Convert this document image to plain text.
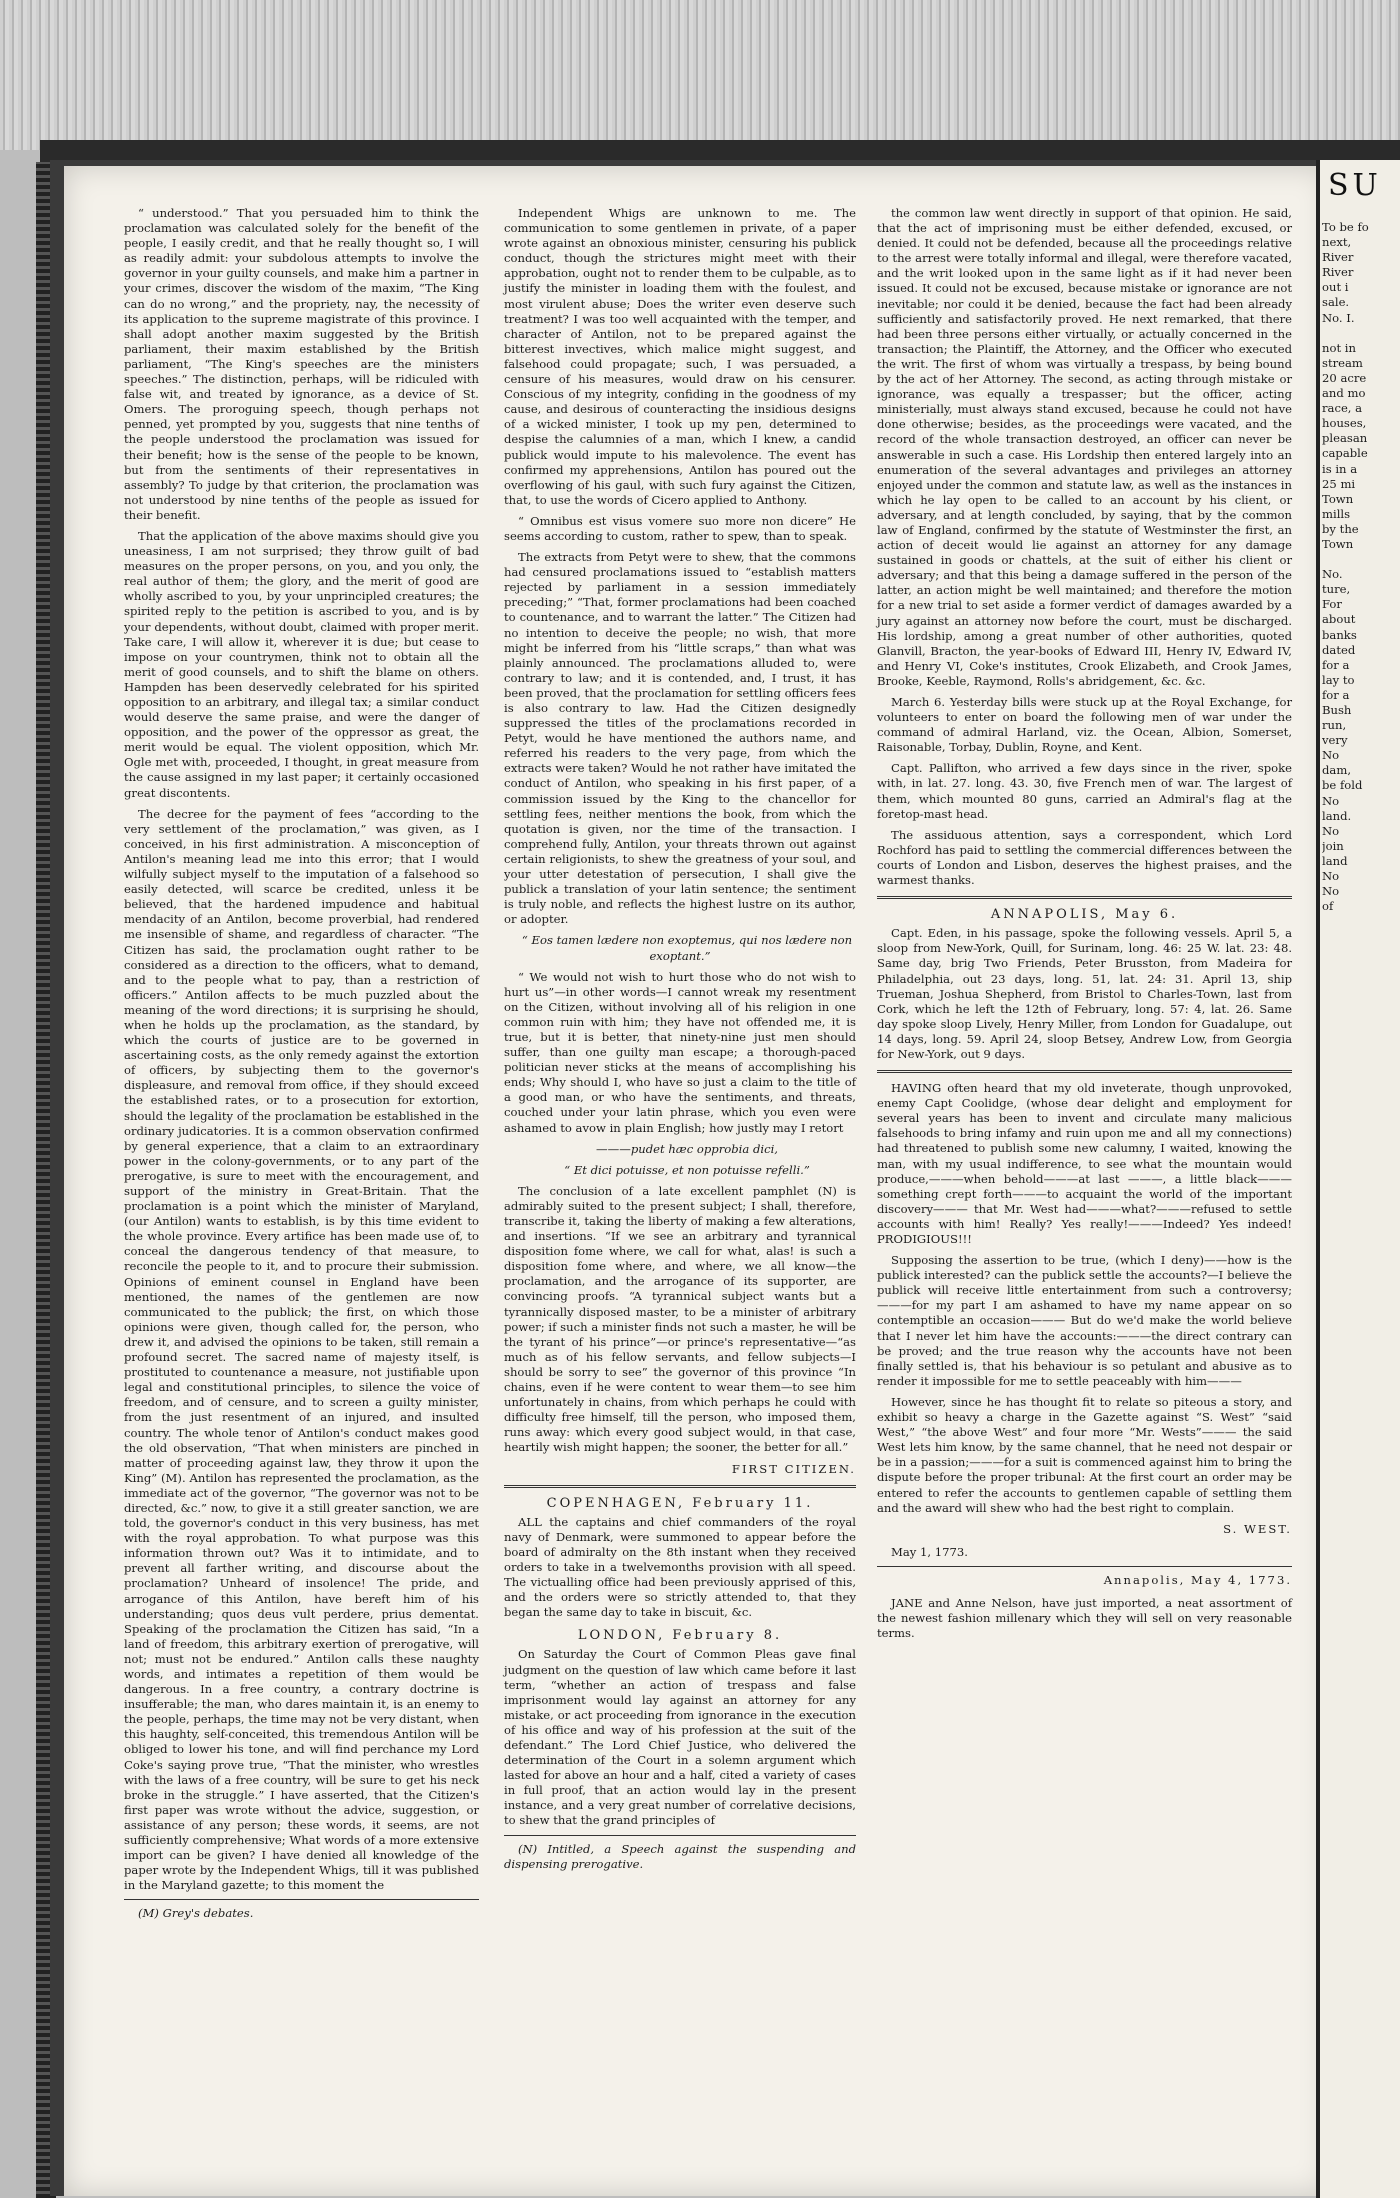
“ understood.” That you persuaded him to think the proclamation was calculated solely for the benefit of the people, I easily credit, and that he really thought so, I will as readily admit: your subdolous attempts to involve the governor in your guilty counsels, and make him a partner in your crimes, discover the wisdom of the maxim, “The King can do no wrong,” and the propriety, nay, the necessity of its application to the supreme magistrate of this province. I shall adopt another maxim suggested by the British parliament, their maxim established by the British parliament, “The King's speeches are the ministers speeches.” The distinction, perhaps, will be ridiculed with false wit, and treated by ignorance, as a device of St. Omers. The proroguing speech, though perhaps not penned, yet prompted by you, suggests that nine tenths of the people understood the proclamation was issued for their benefit; how is the sense of the people to be known, but from the sentiments of their representatives in assembly? To judge by that criterion, the proclamation was not understood by nine tenths of the people as issued for their benefit.

That the application of the above maxims should give you uneasiness, I am not surprised; they throw guilt of bad measures on the proper persons, on you, and you only, the real author of them; the glory, and the merit of good are wholly ascribed to you, by your unprincipled creatures; the spirited reply to the petition is ascribed to you, and is by your dependents, without doubt, claimed with proper merit. Take care, I will allow it, wherever it is due; but cease to impose on your countrymen, think not to obtain all the merit of good counsels, and to shift the blame on others. Hampden has been deservedly celebrated for his spirited opposition to an arbitrary, and illegal tax; a similar conduct would deserve the same praise, and were the danger of opposition, and the power of the oppressor as great, the merit would be equal. The violent opposition, which Mr. Ogle met with, proceeded, I thought, in great measure from the cause assigned in my last paper; it certainly occasioned great discontents.

The decree for the payment of fees “according to the very settlement of the proclamation,” was given, as I conceived, in his first administration. A misconception of Antilon's meaning lead me into this error; that I would wilfully subject myself to the imputation of a falsehood so easily detected, will scarce be credited, unless it be believed, that the hardened impudence and habitual mendacity of an Antilon, become proverbial, had rendered me insensible of shame, and regardless of character. “The Citizen has said, the proclamation ought rather to be considered as a direction to the officers, what to demand, and to the people what to pay, than a restriction of officers.” Antilon affects to be much puzzled about the meaning of the word directions; it is surprising he should, when he holds up the proclamation, as the standard, by which the courts of justice are to be governed in ascertaining costs, as the only remedy against the extortion of officers, by subjecting them to the governor's displeasure, and removal from office, if they should exceed the established rates, or to a prosecution for extortion, should the legality of the proclamation be established in the ordinary judicatories. It is a common observation confirmed by general experience, that a claim to an extraordinary power in the colony-governments, or to any part of the prerogative, is sure to meet with the encouragement, and support of the ministry in Great-Britain. That the proclamation is a point which the minister of Maryland, (our Antilon) wants to establish, is by this time evident to the whole province. Every artifice has been made use of, to conceal the dangerous tendency of that measure, to reconcile the people to it, and to procure their submission. Opinions of eminent counsel in England have been mentioned, the names of the gentlemen are now communicated to the publick; the first, on which those opinions were given, though called for, the person, who drew it, and advised the opinions to be taken, still remain a profound secret. The sacred name of majesty itself, is prostituted to countenance a measure, not justifiable upon legal and constitutional principles, to silence the voice of freedom, and of censure, and to screen a guilty minister, from the just resentment of an injured, and insulted country. The whole tenor of Antilon's conduct makes good the old observation, “That when ministers are pinched in matter of proceeding against law, they throw it upon the King” (M). Antilon has represented the proclamation, as the immediate act of the governor, “The governor was not to be directed, &c.” now, to give it a still greater sanction, we are told, the governor's conduct in this very business, has met with the royal approbation. To what purpose was this information thrown out? Was it to intimidate, and to prevent all farther writing, and discourse about the proclamation? Unheard of insolence! The pride, and arrogance of this Antilon, have bereft him of his understanding; quos deus vult perdere, prius dementat. Speaking of the proclamation the Citizen has said, “In a land of freedom, this arbitrary exertion of prerogative, will not; must not be endured.” Antilon calls these naughty words, and intimates a repetition of them would be dangerous. In a free country, a contrary doctrine is insufferable; the man, who dares maintain it, is an enemy to the people, perhaps, the time may not be very distant, when this haughty, self-conceited, this tremendous Antilon will be obliged to lower his tone, and will find perchance my Lord Coke's saying prove true, “That the minister, who wrestles with the laws of a free country, will be sure to get his neck broke in the struggle.” I have asserted, that the Citizen's first paper was wrote without the advice, suggestion, or assistance of any person; these words, it seems, are not sufficiently comprehensive; What words of a more extensive import can be given? I have denied all knowledge of the paper wrote by the Independent Whigs, till it was published in the Maryland gazette; to this moment the

(M) Grey's debates.

Independent Whigs are unknown to me. The communication to some gentlemen in private, of a paper wrote against an obnoxious minister, censuring his publick conduct, though the strictures might meet with their approbation, ought not to render them to be culpable, as to justify the minister in loading them with the foulest, and most virulent abuse; Does the writer even deserve such treatment? I was too well acquainted with the temper, and character of Antilon, not to be prepared against the bitterest invectives, which malice might suggest, and falsehood could propagate; such, I was persuaded, a censure of his measures, would draw on his censurer. Conscious of my integrity, confiding in the goodness of my cause, and desirous of counteracting the insidious designs of a wicked minister, I took up my pen, determined to despise the calumnies of a man, which I knew, a candid publick would impute to his malevolence. The event has confirmed my apprehensions, Antilon has poured out the overflowing of his gaul, with such fury against the Citizen, that, to use the words of Cicero applied to Anthony.

“ Omnibus est visus vomere suo more non dicere” He seems according to custom, rather to spew, than to speak.

The extracts from Petyt were to shew, that the commons had censured proclamations issued to “establish matters rejected by parliament in a session immediately preceding;” “That, former proclamations had been coached to countenance, and to warrant the latter.” The Citizen had no intention to deceive the people; no wish, that more might be inferred from his “little scraps,” than what was plainly announced. The proclamations alluded to, were contrary to law; and it is contended, and, I trust, it has been proved, that the proclamation for settling officers fees is also contrary to law. Had the Citizen designedly suppressed the titles of the proclamations recorded in Petyt, would he have mentioned the authors name, and referred his readers to the very page, from which the extracts were taken? Would he not rather have imitated the conduct of Antilon, who speaking in his first paper, of a commission issued by the King to the chancellor for settling fees, neither mentions the book, from which the quotation is given, nor the time of the transaction. I comprehend fully, Antilon, your threats thrown out against certain religionists, to shew the greatness of your soul, and your utter detestation of persecution, I shall give the publick a translation of your latin sentence; the sentiment is truly noble, and reflects the highest lustre on its author, or adopter.

“ Eos tamen lædere non exoptemus, qui nos lædere non exoptant.”

“ We would not wish to hurt those who do not wish to hurt us”—in other words—I cannot wreak my resentment on the Citizen, without involving all of his religion in one common ruin with him; they have not offended me, it is true, but it is better, that ninety-nine just men should suffer, than one guilty man escape; a thorough-paced politician never sticks at the means of accomplishing his ends; Why should I, who have so just a claim to the title of a good man, or who have the sentiments, and threats, couched under your latin phrase, which you even were ashamed to avow in plain English; how justly may I retort

———pudet hæc opprobia dici,

“ Et dici potuisse, et non potuisse refelli.”

The conclusion of a late excellent pamphlet (N) is admirably suited to the present subject; I shall, therefore, transcribe it, taking the liberty of making a few alterations, and insertions. “If we see an arbitrary and tyrannical disposition fome where, we call for what, alas! is such a disposition fome where, and where, we all know—the proclamation, and the arrogance of its supporter, are convincing proofs. “A tyrannical subject wants but a tyrannically disposed master, to be a minister of arbitrary power; if such a minister finds not such a master, he will be the tyrant of his prince”—or prince's representative—“as much as of his fellow servants, and fellow subjects—I should be sorry to see” the governor of this province “In chains, even if he were content to wear them—to see him unfortunately in chains, from which perhaps he could with difficulty free himself, till the person, who imposed them, runs away: which every good subject would, in that case, heartily wish might happen; the sooner, the better for all.”

FIRST CITIZEN.
COPENHAGEN, February 11.

ALL the captains and chief commanders of the royal navy of Denmark, were summoned to appear before the board of admiralty on the 8th instant when they received orders to take in a twelvemonths provision with all speed. The victualling office had been previously apprised of this, and the orders were so strictly attended to, that they began the same day to take in biscuit, &c.

LONDON, February 8.

On Saturday the Court of Common Pleas gave final judgment on the question of law which came before it last term, “whether an action of trespass and false imprisonment would lay against an attorney for any mistake, or act proceeding from ignorance in the execution of his office and way of his profession at the suit of the defendant.” The Lord Chief Justice, who delivered the determination of the Court in a solemn argument which lasted for above an hour and a half, cited a variety of cases in full proof, that an action would lay in the present instance, and a very great number of correlative decisions, to shew that the grand principles of

(N) Intitled, a Speech against the suspending and dispensing prerogative.

the common law went directly in support of that opinion. He said, that the act of imprisoning must be either defended, excused, or denied. It could not be defended, because all the proceedings relative to the arrest were totally informal and illegal, were therefore vacated, and the writ looked upon in the same light as if it had never been issued. It could not be excused, because mistake or ignorance are not inevitable; nor could it be denied, because the fact had been already sufficiently and satisfactorily proved. He next remarked, that there had been three persons either virtually, or actually concerned in the transaction; the Plaintiff, the Attorney, and the Officer who executed the writ. The first of whom was virtually a trespass, by being bound by the act of her Attorney. The second, as acting through mistake or ignorance, was equally a trespasser; but the officer, acting ministerially, must always stand excused, because he could not have done otherwise; besides, as the proceedings were vacated, and the record of the whole transaction destroyed, an officer can never be answerable in such a case. His Lordship then entered largely into an enumeration of the several advantages and privileges an attorney enjoyed under the common and statute law, as well as the instances in which he lay open to be called to an account by his client, or adversary, and at length concluded, by saying, that by the common law of England, confirmed by the statute of Westminster the first, an action of deceit would lie against an attorney for any damage sustained in goods or chattels, at the suit of either his client or adversary; and that this being a damage suffered in the person of the latter, an action might be well maintained; and therefore the motion for a new trial to set aside a former verdict of damages awarded by a jury against an attorney now before the court, must be discharged. His lordship, among a great number of other authorities, quoted Glanvill, Bracton, the year-books of Edward III, Henry IV, Edward IV, and Henry VI, Coke's institutes, Crook Elizabeth, and Crook James, Brooke, Keeble, Raymond, Rolls's abridgement, &c. &c.

March 6. Yesterday bills were stuck up at the Royal Exchange, for volunteers to enter on board the following men of war under the command of admiral Harland, viz. the Ocean, Albion, Somerset, Raisonable, Torbay, Dublin, Royne, and Kent.

Capt. Pallifton, who arrived a few days since in the river, spoke with, in lat. 27. long. 43. 30, five French men of war. The largest of them, which mounted 80 guns, carried an Admiral's flag at the foretop-mast head.

The assiduous attention, says a correspondent, which Lord Rochford has paid to settling the commercial differences between the courts of London and Lisbon, deserves the highest praises, and the warmest thanks.

ANNAPOLIS, May 6.

Capt. Eden, in his passage, spoke the following vessels. April 5, a sloop from New-York, Quill, for Surinam, long. 46: 25 W. lat. 23: 48. Same day, brig Two Friends, Peter Brusston, from Madeira for Philadelphia, out 23 days, long. 51, lat. 24: 31. April 13, ship Trueman, Joshua Shepherd, from Bristol to Charles-Town, last from Cork, which he left the 12th of February, long. 57: 4, lat. 26. Same day spoke sloop Lively, Henry Miller, from London for Guadalupe, out 14 days, long. 59. April 24, sloop Betsey, Andrew Low, from Georgia for New-York, out 9 days.

HAVING often heard that my old inveterate, though unprovoked, enemy Capt Coolidge, (whose dear delight and employment for several years has been to invent and circulate many malicious falsehoods to bring infamy and ruin upon me and all my connections) had threatened to publish some new calumny, I waited, knowing the man, with my usual indifference, to see what the mountain would produce,———when behold———at last ———, a little black———something crept forth———to acquaint the world of the important discovery——— that Mr. West had———what?———refused to settle accounts with him! Really? Yes really!———Indeed? Yes indeed! PRODIGIOUS!!!

Supposing the assertion to be true, (which I deny)——how is the publick interested? can the publick settle the accounts?—I believe the publick will receive little entertainment from such a controversy;———for my part I am ashamed to have my name appear on so contemptible an occasion——— But do we'd make the world believe that I never let him have the accounts:———the direct contrary can be proved; and the true reason why the accounts have not been finally settled is, that his behaviour is so petulant and abusive as to render it impossible for me to settle peaceably with him———

However, since he has thought fit to relate so piteous a story, and exhibit so heavy a charge in the Gazette against “S. West” “said West,” “the above West” and four more “Mr. Wests”——— the said West lets him know, by the same channel, that he need not despair or be in a passion;———for a suit is commenced against him to bring the dispute before the proper tribunal: At the first court an order may be entered to refer the accounts to gentlemen capable of settling them and the award will shew who had the best right to complain.

S. WEST.

May 1, 1773.

Annapolis, May 4, 1773.

JANE and Anne Nelson, have just imported, a neat assortment of the newest fashion millenary which they will sell on very reasonable terms.

SU
To be fo
next,
River
River
out i
sale.
No. I.

not in
stream
20 acre
and mo
race, a
houses,
pleasan
capable
is in a
25 mi
Town
mills
by the
Town

No.
ture,
For
about
banks
dated
for a
lay to
for a
Bush
run,
very
No
dam,
be fold
No
land.
No
join
land
No
No
of
